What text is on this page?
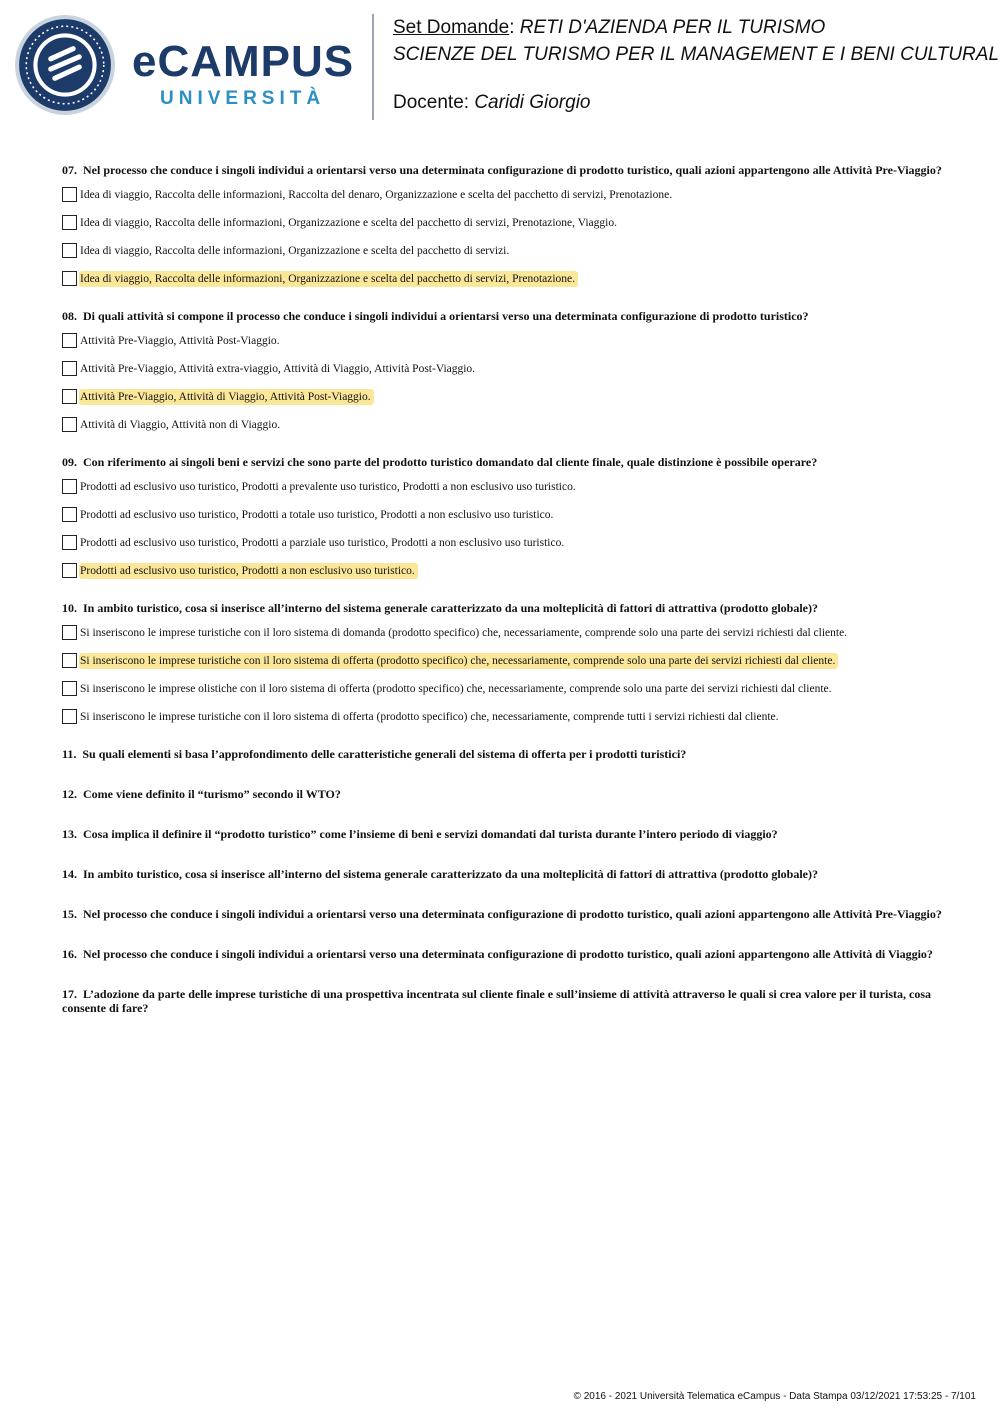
eCAMPUS
UNIVERSITÀ
Set Domande: RETI D'AZIENDA PER IL TURISMO
SCIENZE DEL TURISMO PER IL MANAGEMENT E I BENI CULTURAL
Docente: Caridi Giorgio
07. Nel processo che conduce i singoli individui a orientarsi verso una determinata configurazione di prodotto turistico, quali azioni appartengono alle Attività Pre-Viaggio?
Idea di viaggio, Raccolta delle informazioni, Raccolta del denaro, Organizzazione e scelta del pacchetto di servizi, Prenotazione.
Idea di viaggio, Raccolta delle informazioni, Organizzazione e scelta del pacchetto di servizi, Prenotazione, Viaggio.
Idea di viaggio, Raccolta delle informazioni, Organizzazione e scelta del pacchetto di servizi.
Idea di viaggio, Raccolta delle informazioni, Organizzazione e scelta del pacchetto di servizi, Prenotazione.
08. Di quali attività si compone il processo che conduce i singoli individui a orientarsi verso una determinata configurazione di prodotto turistico?
Attività Pre-Viaggio, Attività Post-Viaggio.
Attività Pre-Viaggio, Attività extra-viaggio, Attività di Viaggio, Attività Post-Viaggio.
Attività Pre-Viaggio, Attività di Viaggio, Attività Post-Viaggio.
Attività di Viaggio, Attività non di Viaggio.
09. Con riferimento ai singoli beni e servizi che sono parte del prodotto turistico domandato dal cliente finale, quale distinzione è possibile operare?
Prodotti ad esclusivo uso turistico, Prodotti a prevalente uso turistico, Prodotti a non esclusivo uso turistico.
Prodotti ad esclusivo uso turistico, Prodotti a totale uso turistico, Prodotti a non esclusivo uso turistico.
Prodotti ad esclusivo uso turistico, Prodotti a parziale uso turistico, Prodotti a non esclusivo uso turistico.
Prodotti ad esclusivo uso turistico, Prodotti a non esclusivo uso turistico.
10. In ambito turistico, cosa si inserisce all’interno del sistema generale caratterizzato da una molteplicità di fattori di attrattiva (prodotto globale)?
Si inseriscono le imprese turistiche con il loro sistema di domanda (prodotto specifico) che, necessariamente, comprende solo una parte dei servizi richiesti dal cliente.
Si inseriscono le imprese turistiche con il loro sistema di offerta (prodotto specifico) che, necessariamente, comprende solo una parte dei servizi richiesti dal cliente.
Si inseriscono le imprese olistiche con il loro sistema di offerta (prodotto specifico) che, necessariamente, comprende solo una parte dei servizi richiesti dal cliente.
Si inseriscono le imprese turistiche con il loro sistema di offerta (prodotto specifico) che, necessariamente, comprende tutti i servizi richiesti dal cliente.
11. Su quali elementi si basa l’approfondimento delle caratteristiche generali del sistema di offerta per i prodotti turistici?
12. Come viene definito il “turismo” secondo il WTO?
13. Cosa implica il definire il “prodotto turistico” come l’insieme di beni e servizi domandati dal turista durante l’intero periodo di viaggio?
14. In ambito turistico, cosa si inserisce all’interno del sistema generale caratterizzato da una molteplicità di fattori di attrattiva (prodotto globale)?
15. Nel processo che conduce i singoli individui a orientarsi verso una determinata configurazione di prodotto turistico, quali azioni appartengono alle Attività Pre-Viaggio?
16. Nel processo che conduce i singoli individui a orientarsi verso una determinata configurazione di prodotto turistico, quali azioni appartengono alle Attività di Viaggio?
17. L’adozione da parte delle imprese turistiche di una prospettiva incentrata sul cliente finale e sull’insieme di attività attraverso le quali si crea valore per il turista, cosa consente di fare?
© 2016 - 2021 Università Telematica eCampus - Data Stampa 03/12/2021 17:53:25 - 7/101
